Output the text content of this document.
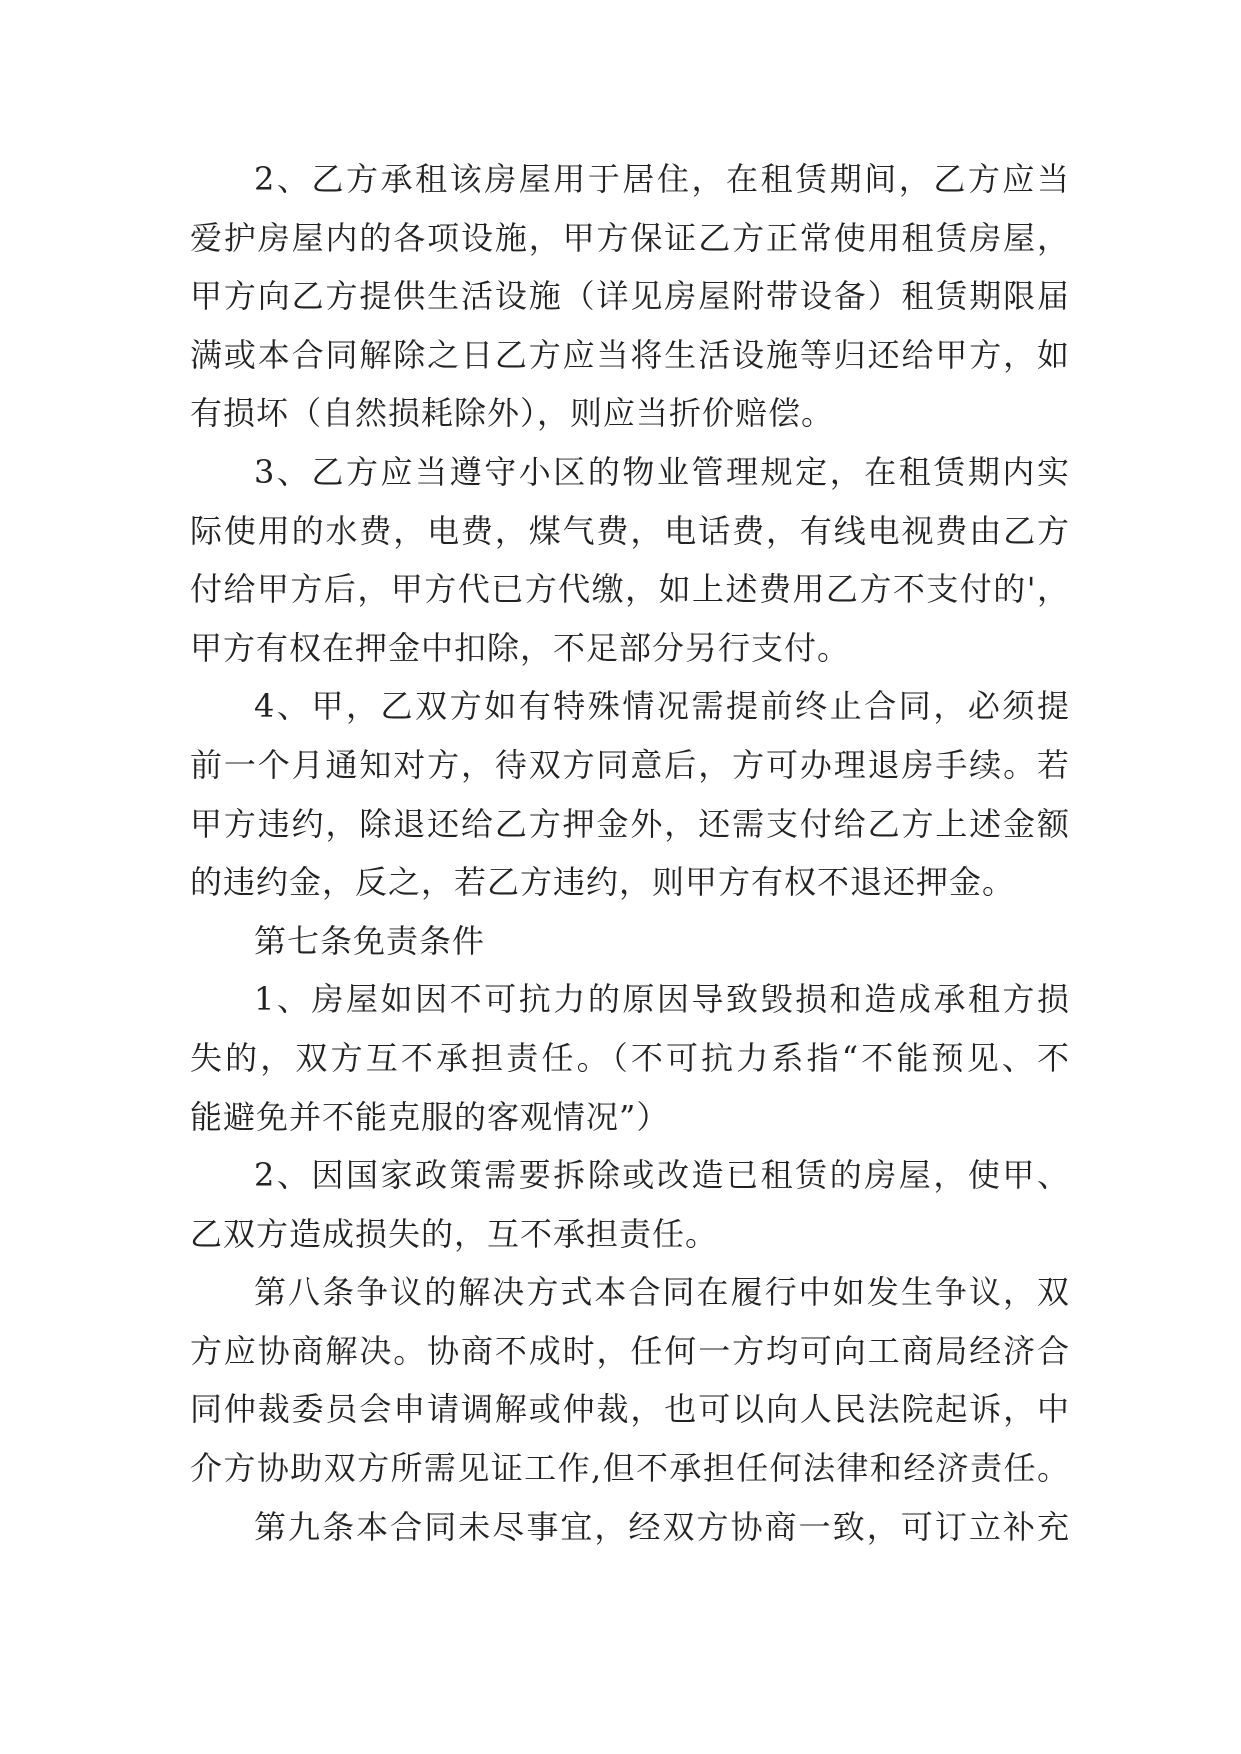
2、乙方承租该房屋用于居住，在租赁期间，乙方应当
爱护房屋内的各项设施，甲方保证乙方正常使用租赁房屋，
甲方向乙方提供生活设施（详见房屋附带设备）租赁期限届
满或本合同解除之日乙方应当将生活设施等归还给甲方，如
有损坏（自然损耗除外），则应当折价赔偿。
3、乙方应当遵守小区的物业管理规定，在租赁期内实
际使用的水费，电费，煤气费，电话费，有线电视费由乙方
付给甲方后，甲方代已方代缴，如上述费用乙方不支付的'，
甲方有权在押金中扣除，不足部分另行支付。
4、甲，乙双方如有特殊情况需提前终止合同，必须提
前一个月通知对方，待双方同意后，方可办理退房手续。若
甲方违约，除退还给乙方押金外，还需支付给乙方上述金额
的违约金，反之，若乙方违约，则甲方有权不退还押金。
第七条免责条件
1、房屋如因不可抗力的原因导致毁损和造成承租方损
失的，双方互不承担责任。（不可抗力系指“不能预见、不
能避免并不能克服的客观情况”）
2、因国家政策需要拆除或改造已租赁的房屋，使甲、
乙双方造成损失的，互不承担责任。
第八条争议的解决方式本合同在履行中如发生争议，双
方应协商解决。协商不成时，任何一方均可向工商局经济合
同仲裁委员会申请调解或仲裁，也可以向人民法院起诉，中
介方协助双方所需见证工作,但不承担任何法律和经济责任。
第九条本合同未尽事宜，经双方协商一致，可订立补充
